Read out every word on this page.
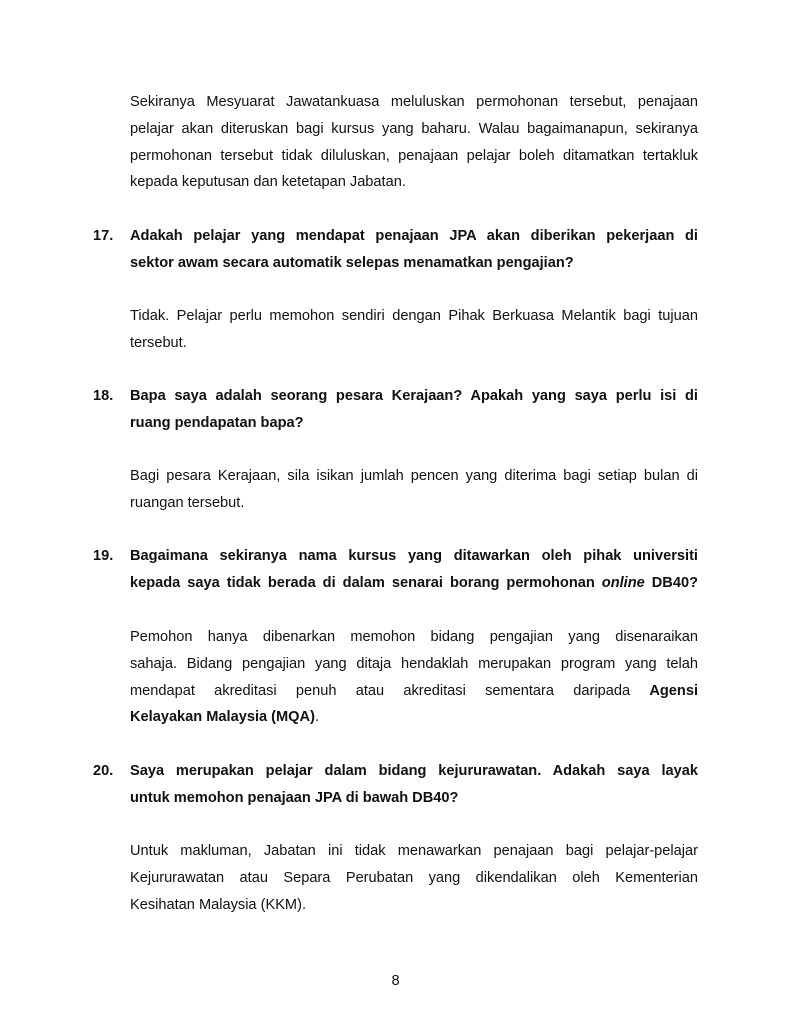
Sekiranya Mesyuarat Jawatankuasa meluluskan permohonan tersebut, penajaan
pelajar akan diteruskan bagi kursus yang baharu. Walau bagaimanapun, sekiranya
permohonan tersebut tidak diluluskan, penajaan pelajar boleh ditamatkan tertakluk
kepada keputusan dan ketetapan Jabatan.
17. Adakah pelajar yang mendapat penajaan JPA akan diberikan pekerjaan di
sektor awam secara automatik selepas menamatkan pengajian?
Tidak. Pelajar perlu memohon sendiri dengan Pihak Berkuasa Melantik bagi tujuan
tersebut.
18. Bapa saya adalah seorang pesara Kerajaan? Apakah yang saya perlu isi di
ruang pendapatan bapa?
Bagi pesara Kerajaan, sila isikan jumlah pencen yang diterima bagi setiap bulan di
ruangan tersebut.
19. Bagaimana sekiranya nama kursus yang ditawarkan oleh pihak universiti
kepada saya tidak berada di dalam senarai borang permohonan online DB40?
Pemohon hanya dibenarkan memohon bidang pengajian yang disenaraikan
sahaja. Bidang pengajian yang ditaja hendaklah merupakan program yang telah
mendapat akreditasi penuh atau akreditasi sementara daripada Agensi
Kelayakan Malaysia (MQA).
20. Saya merupakan pelajar dalam bidang kejururawatan. Adakah saya layak
untuk memohon penajaan JPA di bawah DB40?
Untuk makluman, Jabatan ini tidak menawarkan penajaan bagi pelajar-pelajar
Kejururawatan atau Separa Perubatan yang dikendalikan oleh Kementerian
Kesihatan Malaysia (KKM).
8
